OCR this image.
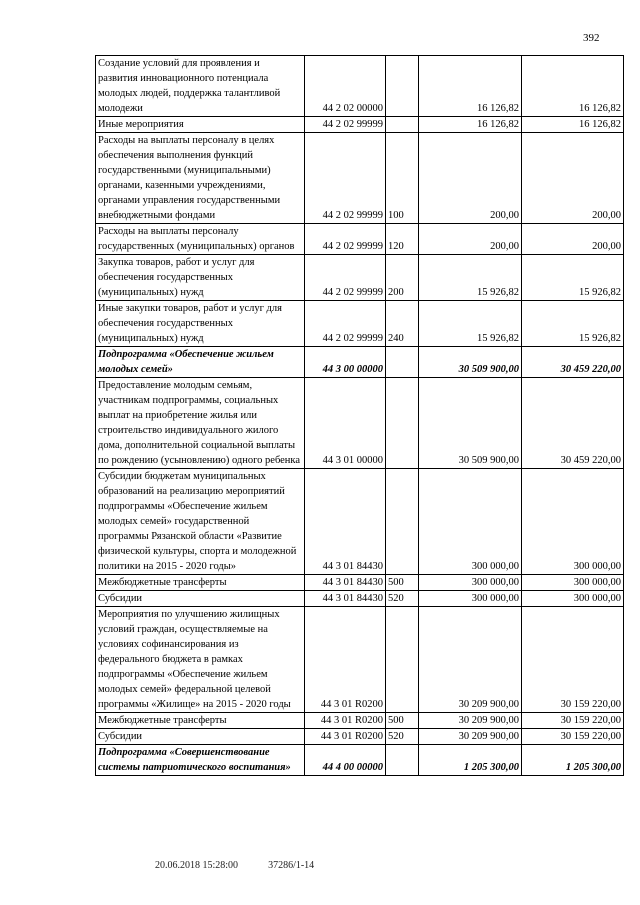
392
Создание условий для проявления и развития инновационного потенциала молодых людей, поддержка талантливой молодежи	44 2 02 00000		16 126,82	16 126,82
Иные мероприятия	44 2 02 99999		16 126,82	16 126,82
Расходы на выплаты персоналу в целях обеспечения выполнения функций государственными (муниципальными) органами, казенными учреждениями, органами управления государственными внебюджетными фондами	44 2 02 99999	100	200,00	200,00
Расходы на выплаты персоналу государственных (муниципальных) органов	44 2 02 99999	120	200,00	200,00
Закупка товаров, работ и услуг для обеспечения государственных (муниципальных) нужд	44 2 02 99999	200	15 926,82	15 926,82
Иные закупки товаров, работ и услуг для обеспечения государственных (муниципальных) нужд	44 2 02 99999	240	15 926,82	15 926,82
Подпрограмма «Обеспечение жильем молодых семей»	44 3 00 00000		30 509 900,00	30 459 220,00
Предоставление молодым семьям, участникам подпрограммы, социальных выплат на приобретение жилья или строительство индивидуального жилого дома, дополнительной социальной выплаты по рождению (усыновлению) одного ребенка	44 3 01 00000		30 509 900,00	30 459 220,00
Субсидии бюджетам муниципальных образований на реализацию мероприятий подпрограммы «Обеспечение жильем молодых семей» государственной программы Рязанской области «Развитие физической культуры, спорта и молодежной политики на 2015 - 2020 годы»	44 3 01 84430		300 000,00	300 000,00
Межбюджетные трансферты	44 3 01 84430	500	300 000,00	300 000,00
Субсидии	44 3 01 84430	520	300 000,00	300 000,00
Мероприятия по улучшению жилищных условий граждан, осуществляемые на условиях софинансирования из федерального бюджета в рамках подпрограммы «Обеспечение жильем молодых семей» федеральной целевой программы «Жилище» на 2015 - 2020 годы	44 3 01 R0200		30 209 900,00	30 159 220,00
Межбюджетные трансферты	44 3 01 R0200	500	30 209 900,00	30 159 220,00
Субсидии	44 3 01 R0200	520	30 209 900,00	30 159 220,00
Подпрограмма «Совершенствование системы патриотического воспитания»	44 4 00 00000		1 205 300,00	1 205 300,00
20.06.2018 15:28:00	37286/1-14
